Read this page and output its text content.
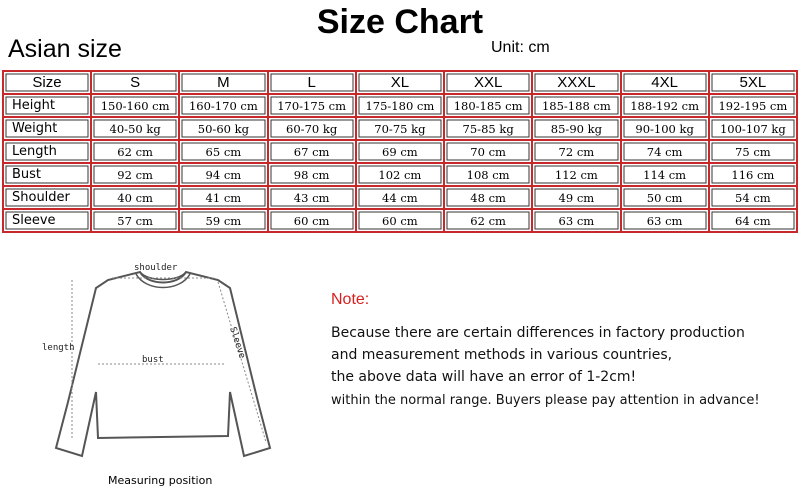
Size Chart
Asian size	Unit: cm
Size	S	M	L	XL	XXL	XXXL	4XL	5XL
Height	150-160 cm	160-170 cm	170-175 cm	175-180 cm	180-185 cm	185-188 cm	188-192 cm	192-195 cm
Weight	40-50 kg	50-60 kg	60-70 kg	70-75 kg	75-85 kg	85-90 kg	90-100 kg	100-107 kg
Length	62 cm	65 cm	67 cm	69 cm	70 cm	72 cm	74 cm	75 cm
Bust	92 cm	94 cm	98 cm	102 cm	108 cm	112 cm	114 cm	116 cm
Shoulder	40 cm	41 cm	43 cm	44 cm	48 cm	49 cm	50 cm	54 cm
Sleeve	57 cm	59 cm	60 cm	60 cm	62 cm	63 cm	63 cm	64 cm
shoulder
bust
length	Sleeve
Measuring position
Note:
Because there are certain differences in factory production
and measurement methods in various countries,
the above data will have an error of 1-2cm!
within the normal range. Buyers please pay attention in advance!
